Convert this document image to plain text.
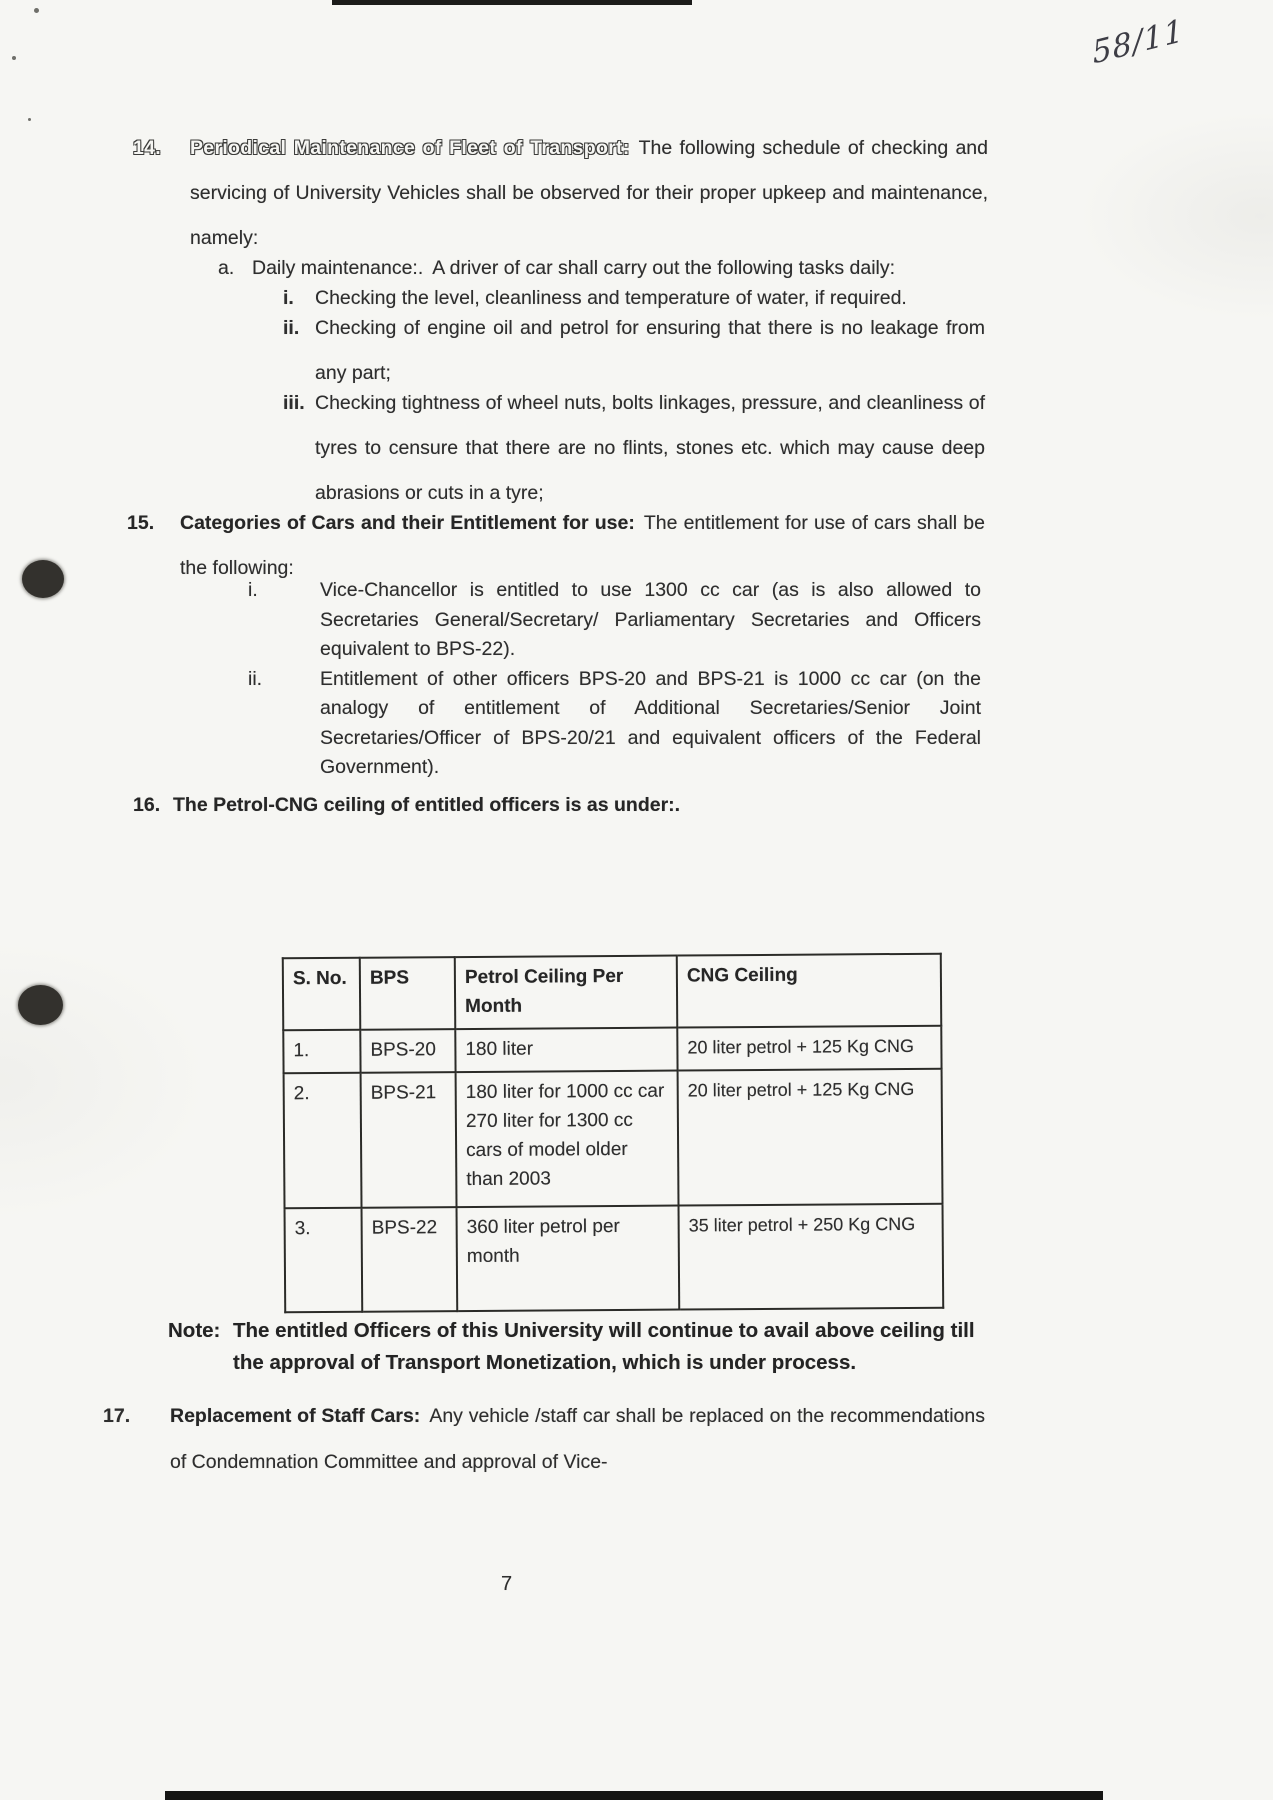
58/11
14.	Periodical Maintenance of Fleet of Transport: The following schedule of checking and servicing of University Vehicles shall be observed for their proper upkeep and maintenance, namely:
a. Daily maintenance:. A driver of car shall carry out the following tasks daily:
i.	Checking the level, cleanliness and temperature of water, if required.
ii. Checking of engine oil and petrol for ensuring that there is no leakage from any part;
iii. Checking tightness of wheel nuts, bolts linkages, pressure, and cleanliness of tyres to censure that there are no flints, stones etc. which may cause deep abrasions or cuts in a tyre;
15.	Categories of Cars and their Entitlement for use: The entitlement for use of cars shall be the following:
i.	Vice-Chancellor is entitled to use 1300 cc car (as is also allowed to Secretaries General/Secretary/ Parliamentary Secretaries and Officers equivalent to BPS-22).
ii.	Entitlement of other officers BPS-20 and BPS-21 is 1000 cc car (on the analogy of entitlement of Additional Secretaries/Senior Joint Secretaries/Officer of BPS-20/21 and equivalent officers of the Federal Government).
16. The Petrol-CNG ceiling of entitled officers is as under:.
S. No.	BPS	Petrol Ceiling Per Month	CNG Ceiling
1.	BPS-20	180 liter	20 liter petrol + 125 Kg CNG
2.	BPS-21	180 liter for 1000 cc car 270 liter for 1300 cc cars of model older than 2003	20 liter petrol + 125 Kg CNG
3.	BPS-22	360 liter petrol per month	35 liter petrol + 250 Kg CNG
Note: The entitled Officers of this University will continue to avail above ceiling till the approval of Transport Monetization, which is under process.
17.	Replacement of Staff Cars: Any vehicle /staff car shall be replaced on the recommendations of Condemnation Committee and approval of Vice-
7
